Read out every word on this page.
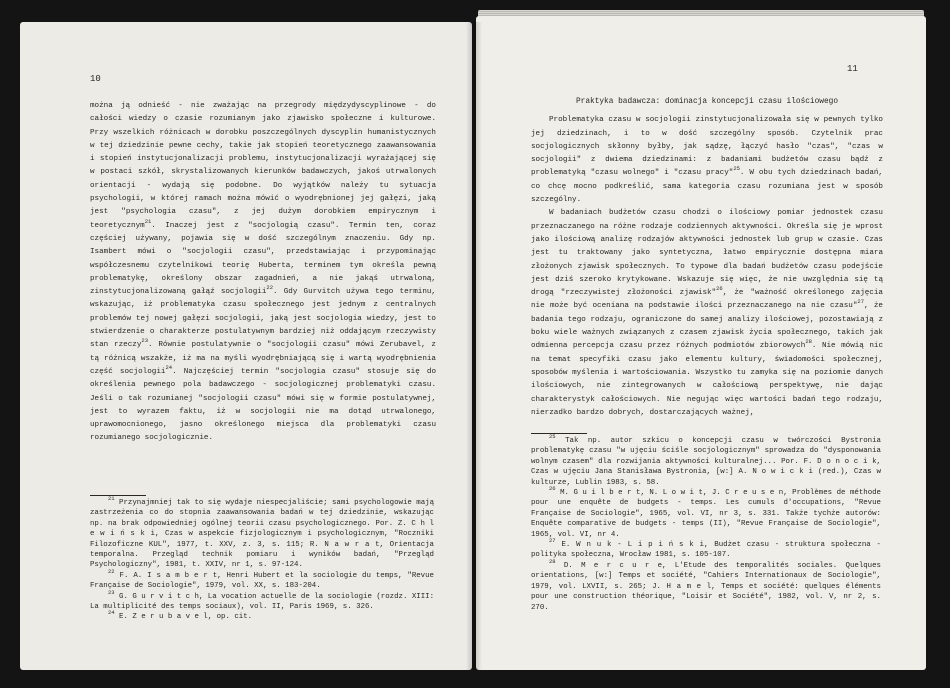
10

można ją odnieść - nie zważając na przegrody międzydyscyplinowe - do całości wiedzy o czasie rozumianym jako zjawisko społeczne i kulturowe. Przy wszelkich różnicach w dorobku poszczególnych dyscyplin humanistycznych w tej dziedzinie pewne cechy, takie jak stopień teoretycznego zaawansowania i stopień instytucjonalizacji problemu, instytucjonalizacji wyrażającej się w postaci szkół, skrystalizowanych kierunków badawczych, jakoś utrwalonych orientacji - wydają się podobne. Do wyjątków należy tu sytuacja psychologii, w której ramach można mówić o wyodrębnionej jej gałęzi, jaką jest "psychologia czasu", z jej dużym dorobkiem empirycznym i teoretycznym$^{21}$. Inaczej jest z "socjologią czasu". Termin ten, coraz częściej używany, pojawia się w dość szczególnym znaczeniu. Gdy np. Isambert mówi o "socjologii czasu", przedstawiając i przypominając współczesnemu czytelnikowi teorię Huberta, terminem tym określa pewną problematykę, określony obszar zagadnień, a nie jakąś utrwaloną, zinstytucjonalizowaną gałąź socjologii$^{22}$. Gdy Gurvitch używa tego terminu, wskazując, iż problematyka czasu społecznego jest jednym z centralnych problemów tej nowej gałęzi socjologii, jaką jest socjologia wiedzy, jest to stwierdzenie o charakterze postulatywnym bardziej niż oddającym rzeczywisty stan rzeczy$^{23}$. Równie postulatywnie o "socjologii czasu" mówi Zerubavel, z tą różnicą wszakże, iż ma na myśli wyodrębniającą się i wartą wyodrębnienia część socjologii$^{24}$. Najczęściej termin "socjologia czasu" stosuje się do określenia pewnego pola badawczego - socjologicznej problematyki czasu. Jeśli o tak rozumianej "socjologii czasu" mówi się w formie postulatywnej, jest to wyrazem faktu, iż w socjologii nie ma dotąd utrwalonego, uprawomocnionego, jasno określonego miejsca dla problematyki czasu rozumianego socjologicznie.

$^{21}$ Przynajmniej tak to się wydaje niespecjaliście; sami psychologowie mają zastrzeżenia co do stopnia zaawansowania badań w tej dziedzinie, wskazując np. na brak odpowiedniej ogólnej teorii czasu psychologicznego. Por. Z. C h l e w i ń s k i, Czas w aspekcie fizjologicznym i psychologicznym, "Roczniki Filozoficzne KUL", 1977, t. XXV, z. 3, s. 115; R. N a w r a t, Orientacja temporalna. Przegląd technik pomiaru i wyników badań, "Przegląd Psychologiczny", 1981, t. XXIV, nr 1, s. 97-124.

$^{22}$ F. A. I s a m b e r t, Henri Hubert et la sociologie du temps, "Revue Française de Sociologie", 1979, vol. XX, s. 183-204.

$^{23}$ G. G u r v i t c h, La vocation actuelle de la sociologie (rozdz. XIII: La multiplicité des temps sociaux), vol. II, Paris 1969, s. 326.

$^{24}$ E. Z e r u b a v e l, op. cit.

11

Praktyka badawcza: dominacja koncepcji czasu ilościowego

Problematyka czasu w socjologii zinstytucjonalizowała się w pewnych tylko jej dziedzinach, i to w dość szczególny sposób. Czytelnik prac socjologicznych skłonny byłby, jak sądzę, łączyć hasło "czas", "czas w socjologii" z dwiema dziedzinami: z badaniami budżetów czasu bądź z problematyką "czasu wolnego" i "czasu pracy"$^{25}$. W obu tych dziedzinach badań, co chcę mocno podkreślić, sama kategoria czasu rozumiana jest w sposób szczególny.

W badaniach budżetów czasu chodzi o ilościowy pomiar jednostek czasu przeznaczanego na różne rodzaje codziennych aktywności. Określa się je wprost jako ilościową analizę rodzajów aktywności jednostek lub grup w czasie. Czas jest tu traktowany jako syntetyczna, łatwo empirycznie dostępna miara złożonych zjawisk społecznych. To typowe dla badań budżetów czasu podejście jest dziś szeroko krytykowane. Wskazuje się więc, że nie uwzględnia się tą drogą "rzeczywistej złożoności zjawisk"$^{26}$, że "ważność określonego zajęcia nie może być oceniana na podstawie ilości przeznaczanego na nie czasu"$^{27}$, że badania tego rodzaju, ograniczone do samej analizy ilościowej, pozostawiają z boku wiele ważnych związanych z czasem zjawisk życia społecznego, takich jak odmienna percepcja czasu przez różnych podmiotów zbiorowych$^{28}$. Nie mówią nic na temat specyfiki czasu jako elementu kultury, świadomości społecznej, sposobów myślenia i wartościowania. Wszystko tu zamyka się na poziomie danych ilościowych, nie zintegrowanych w całościową perspektywę, nie dając charakterystyk całościowych. Nie negując więc wartości badań tego rodzaju, nierzadko bardzo dobrych, dostarczających ważnej,

$^{25}$ Tak np. autor szkicu o koncepcji czasu w twórczości Bystronia problematykę czasu "w ujęciu ściśle socjologicznym" sprowadza do "dysponowania wolnym czasem" dla rozwijania aktywności kulturalnej... Por. F. D o n o c i k, Czas w ujęciu Jana Stanisława Bystronia, [w:] A. N o w i c k i (red.), Czas w kulturze, Lublin 1983, s. 58.

$^{26}$ M. G u i l b e r t, N. L o w i t, J. C r e u s e n, Problèmes de méthode pour une enquête de budgets - temps. Les cumuls d'occupations, "Revue Française de Sociologie", 1965, vol. VI, nr 3, s. 331. Także tychże autorów: Enquête comparative de budgets - temps (II), "Revue Française de Sociologie", 1965, vol. VI, nr 4.

$^{27}$ E. W n u k - L i p i ń s k i, Budżet czasu - struktura społeczna - polityka społeczna, Wrocław 1981, s. 105-107.

$^{28}$ D. M e r c u r e, L'Etude des temporalités sociales. Quelques orientations, [w:] Temps et société, "Cahiers Internationaux de Sociologie", 1979, vol. LXVII, s. 265; J. H a m e l, Temps et société: quelques éléments pour une construction théorique, "Loisir et Société", 1982, vol. V, nr 2, s. 270.
